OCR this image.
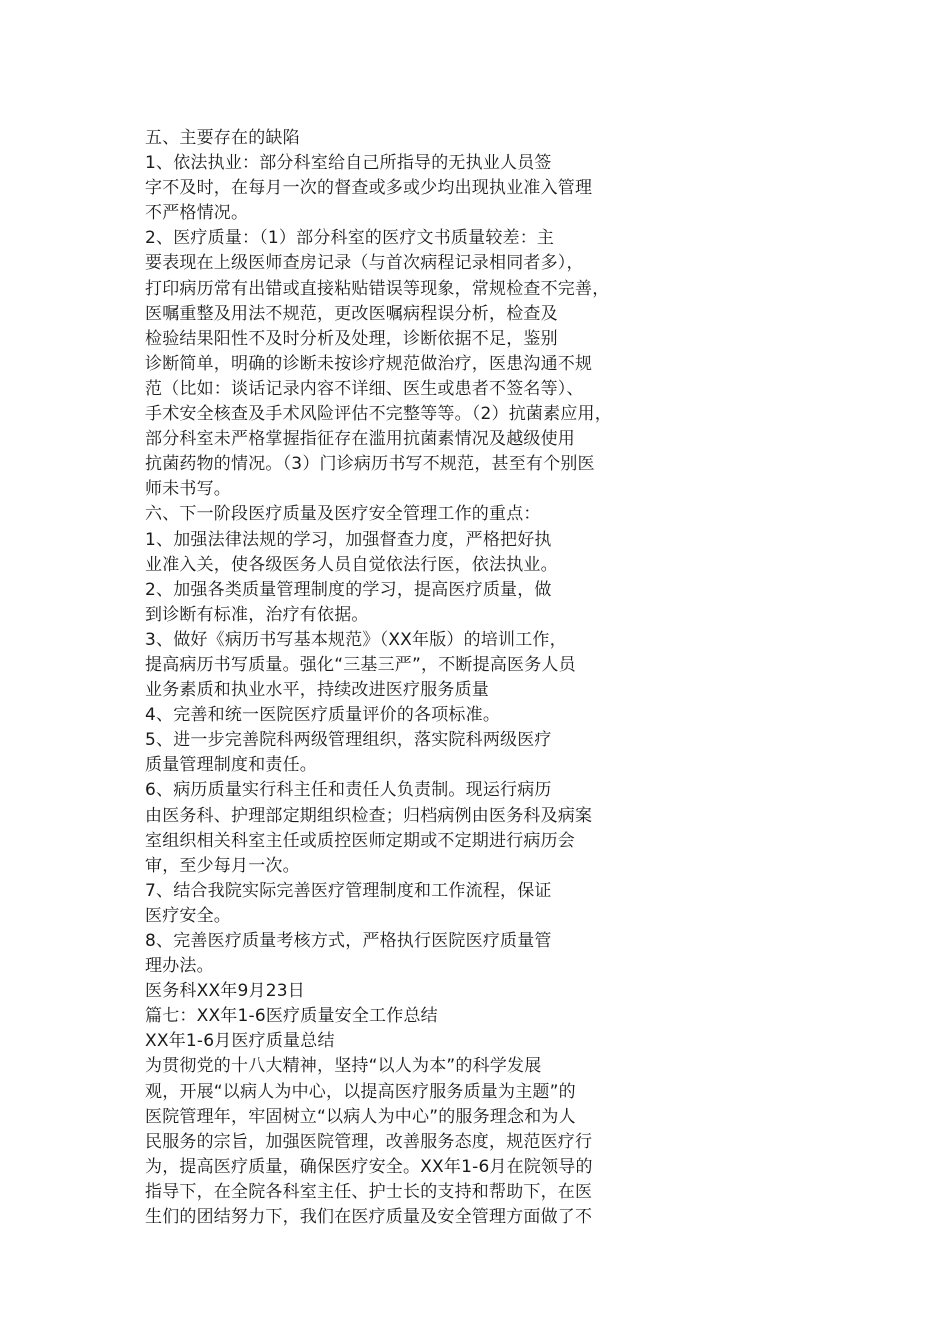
五、主要存在的缺陷
1、依法执业：部分科室给自己所指导的无执业人员签
字不及时，在每月一次的督查或多或少均出现执业准入管理
不严格情况。
2、医疗质量：（1）部分科室的医疗文书质量较差：主
要表现在上级医师查房记录（与首次病程记录相同者多），
打印病历常有出错或直接粘贴错误等现象，常规检查不完善，
医嘱重整及用法不规范，更改医嘱病程误分析，检查及
检验结果阳性不及时分析及处理，诊断依据不足，鉴别
诊断简单，明确的诊断未按诊疗规范做治疗，医患沟通不规
范（比如：谈话记录内容不详细、医生或患者不签名等）、
手术安全核查及手术风险评估不完整等等。（2）抗菌素应用，
部分科室未严格掌握指征存在滥用抗菌素情况及越级使用
抗菌药物的情况。（3）门诊病历书写不规范，甚至有个别医
师未书写。
六、下一阶段医疗质量及医疗安全管理工作的重点：
1、加强法律法规的学习，加强督查力度，严格把好执
业准入关，使各级医务人员自觉依法行医，依法执业。
2、加强各类质量管理制度的学习，提高医疗质量，做
到诊断有标准，治疗有依据。
3、做好《病历书写基本规范》（XX年版）的培训工作，
提高病历书写质量。强化“三基三严”，不断提高医务人员
业务素质和执业水平，持续改进医疗服务质量
4、完善和统一医院医疗质量评价的各项标准。
5、进一步完善院科两级管理组织，落实院科两级医疗
质量管理制度和责任。
6、病历质量实行科主任和责任人负责制。现运行病历
由医务科、护理部定期组织检查；归档病例由医务科及病案
室组织相关科室主任或质控医师定期或不定期进行病历会
审，至少每月一次。
7、结合我院实际完善医疗管理制度和工作流程，保证
医疗安全。
8、完善医疗质量考核方式，严格执行医院医疗质量管
理办法。
医务科XX年9月23日
篇七：XX年1-6医疗质量安全工作总结
XX年1-6月医疗质量总结
为贯彻党的十八大精神，坚持“以人为本”的科学发展
观，开展“以病人为中心，以提高医疗服务质量为主题”的
医院管理年，牢固树立“以病人为中心”的服务理念和为人
民服务的宗旨，加强医院管理，改善服务态度，规范医疗行
为，提高医疗质量，确保医疗安全。XX年1-6月在院领导的
指导下，在全院各科室主任、护士长的支持和帮助下，在医
生们的团结努力下，我们在医疗质量及安全管理方面做了不
